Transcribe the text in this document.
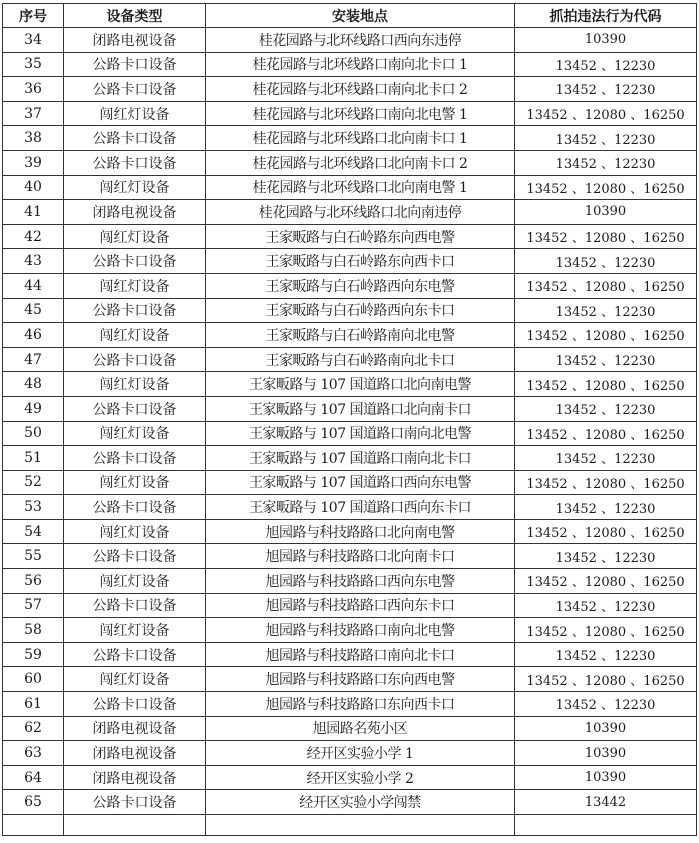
序号	设备类型	安装地点	抓拍违法行为代码
34	闭路电视设备	桂花园路与北环线路口西向东违停	10390
35	公路卡口设备	桂花园路与北环线路口南向北卡口 1	13452 、12230
36	公路卡口设备	桂花园路与北环线路口南向北卡口 2	13452 、12230
37	闯红灯设备	桂花园路与北环线路口南向北电警 1	13452 、12080 、16250
38	公路卡口设备	桂花园路与北环线路口北向南卡口 1	13452 、12230
39	公路卡口设备	桂花园路与北环线路口北向南卡口 2	13452 、12230
40	闯红灯设备	桂花园路与北环线路口北向南电警 1	13452 、12080 、16250
41	闭路电视设备	桂花园路与北环线路口北向南违停	10390
42	闯红灯设备	王家畈路与白石岭路东向西电警	13452 、12080 、16250
43	公路卡口设备	王家畈路与白石岭路东向西卡口	13452 、12230
44	闯红灯设备	王家畈路与白石岭路西向东电警	13452 、12080 、16250
45	公路卡口设备	王家畈路与白石岭路西向东卡口	13452 、12230
46	闯红灯设备	王家畈路与白石岭路南向北电警	13452 、12080 、16250
47	公路卡口设备	王家畈路与白石岭路南向北卡口	13452 、12230
48	闯红灯设备	王家畈路与 107 国道路口北向南电警	13452 、12080 、16250
49	公路卡口设备	王家畈路与 107 国道路口北向南卡口	13452 、12230
50	闯红灯设备	王家畈路与 107 国道路口南向北电警	13452 、12080 、16250
51	公路卡口设备	王家畈路与 107 国道路口南向北卡口	13452 、12230
52	闯红灯设备	王家畈路与 107 国道路口西向东电警	13452 、12080 、16250
53	公路卡口设备	王家畈路与 107 国道路口西向东卡口	13452 、12230
54	闯红灯设备	旭园路与科技路路口北向南电警	13452 、12080 、16250
55	公路卡口设备	旭园路与科技路路口北向南卡口	13452 、12230
56	闯红灯设备	旭园路与科技路路口西向东电警	13452 、12080 、16250
57	公路卡口设备	旭园路与科技路路口西向东卡口	13452 、12230
58	闯红灯设备	旭园路与科技路路口南向北电警	13452 、12080 、16250
59	公路卡口设备	旭园路与科技路路口南向北卡口	13452 、12230
60	闯红灯设备	旭园路与科技路路口东向西电警	13452 、12080 、16250
61	公路卡口设备	旭园路与科技路路口东向西卡口	13452 、12230
62	闭路电视设备	旭园路名苑小区	10390
63	闭路电视设备	经开区实验小学 1	10390
64	闭路电视设备	经开区实验小学 2	10390
65	公路卡口设备	经开区实验小学闯禁	13442
